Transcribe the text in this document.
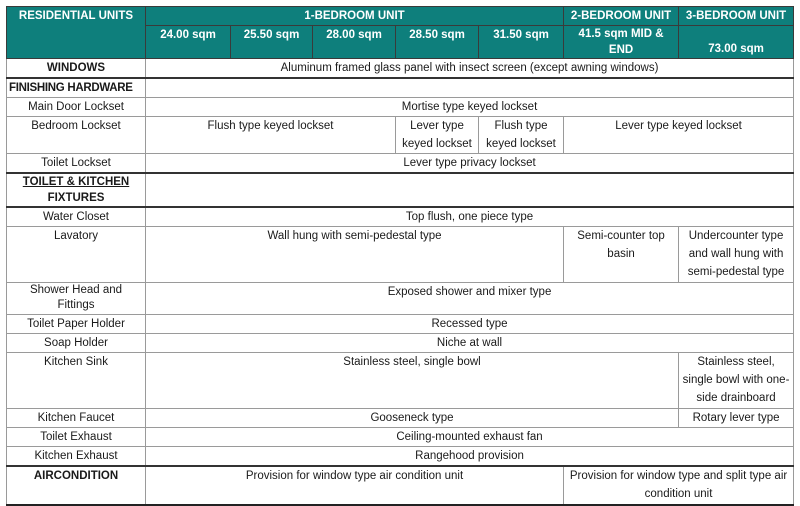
RESIDENTIAL UNITS	1-BEDROOM UNIT					2-BEDROOM UNIT	3-BEDROOM UNIT
	24.00 sqm	25.50 sqm	28.00 sqm	28.50 sqm	31.50 sqm	41.5 sqm MID & END	73.00 sqm
WINDOWS	Aluminum framed glass panel with insect screen (except awning windows)						
FINISHING HARDWARE							
Main Door Lockset	Mortise type keyed lockset						
Bedroom Lockset	Flush type keyed lockset			Lever type keyed lockset	Flush type keyed lockset	Lever type keyed lockset	
Toilet Lockset	Lever type privacy lockset						
TOILET & KITCHEN
FIXTURES							
Water Closet	Top flush, one piece type						
Lavatory	Wall hung with semi-pedestal type					Semi-counter top basin	Undercounter type and wall hung with semi-pedestal type
Shower Head and Fittings	Exposed shower and mixer type						
Toilet Paper Holder	Recessed type						
Soap Holder	Niche at wall						
Kitchen Sink	Stainless steel, single bowl						Stainless steel, single bowl with one-side drainboard
Kitchen Faucet	Gooseneck type						Rotary lever type
Toilet Exhaust	Ceiling-mounted exhaust fan						
Kitchen Exhaust	Rangehood provision						
AIRCONDITION	Provision for window type air condition unit					Provision for window type and split type air condition unit	
